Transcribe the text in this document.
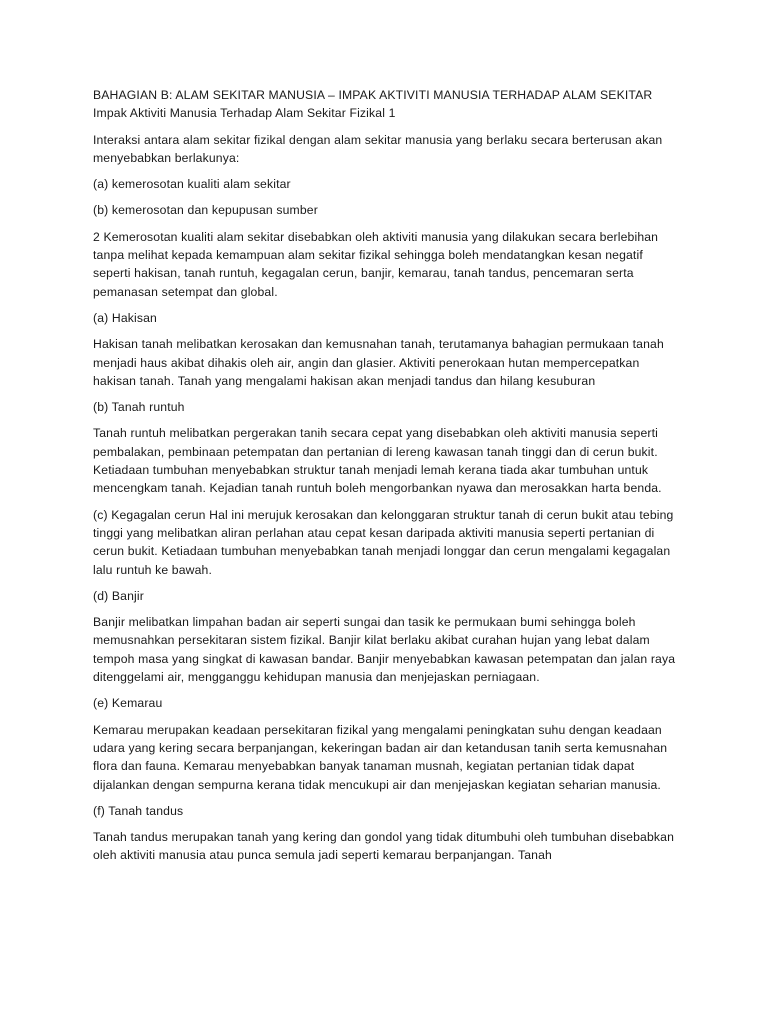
BAHAGIAN B: ALAM SEKITAR MANUSIA – IMPAK AKTIVITI MANUSIA TERHADAP ALAM SEKITAR

Impak Aktiviti Manusia Terhadap Alam Sekitar Fizikal 1

Interaksi antara alam sekitar fizikal dengan alam sekitar manusia yang berlaku secara berterusan akan menyebabkan berlakunya:

(a) kemerosotan kualiti alam sekitar

(b) kemerosotan dan kepupusan sumber

2 Kemerosotan kualiti alam sekitar disebabkan oleh aktiviti manusia yang dilakukan secara berlebihan tanpa melihat kepada kemampuan alam sekitar fizikal sehingga boleh mendatangkan kesan negatif seperti hakisan, tanah runtuh, kegagalan cerun, banjir, kemarau, tanah tandus, pencemaran serta pemanasan setempat dan global.

(a) Hakisan

Hakisan tanah melibatkan kerosakan dan kemusnahan tanah, terutamanya bahagian permukaan tanah menjadi haus akibat dihakis oleh air, angin dan glasier. Aktiviti penerokaan hutan mempercepatkan hakisan tanah. Tanah yang mengalami hakisan akan menjadi tandus dan hilang kesuburan

(b) Tanah runtuh

Tanah runtuh melibatkan pergerakan tanih secara cepat yang disebabkan oleh aktiviti manusia seperti pembalakan, pembinaan petempatan dan pertanian di lereng kawasan tanah tinggi dan di cerun bukit. Ketiadaan tumbuhan menyebabkan struktur tanah menjadi lemah kerana tiada akar tumbuhan untuk mencengkam tanah. Kejadian tanah runtuh boleh mengorbankan nyawa dan merosakkan harta benda.

(c) Kegagalan cerun Hal ini merujuk kerosakan dan kelonggaran struktur tanah di cerun bukit atau tebing tinggi yang melibatkan aliran perlahan atau cepat kesan daripada aktiviti manusia seperti pertanian di cerun bukit. Ketiadaan tumbuhan menyebabkan tanah menjadi longgar dan cerun mengalami kegagalan lalu runtuh ke bawah.

(d) Banjir

Banjir melibatkan limpahan badan air seperti sungai dan tasik ke permukaan bumi sehingga boleh memusnahkan persekitaran sistem fizikal. Banjir kilat berlaku akibat curahan hujan yang lebat dalam tempoh masa yang singkat di kawasan bandar. Banjir menyebabkan kawasan petempatan dan jalan raya ditenggelami air, mengganggu kehidupan manusia dan menjejaskan perniagaan.

(e) Kemarau

Kemarau merupakan keadaan persekitaran fizikal yang mengalami peningkatan suhu dengan keadaan udara yang kering secara berpanjangan, kekeringan badan air dan ketandusan tanih serta kemusnahan flora dan fauna. Kemarau menyebabkan banyak tanaman musnah, kegiatan pertanian tidak dapat dijalankan dengan sempurna kerana tidak mencukupi air dan menjejaskan kegiatan seharian manusia.

(f) Tanah tandus

Tanah tandus merupakan tanah yang kering dan gondol yang tidak ditumbuhi oleh tumbuhan disebabkan oleh aktiviti manusia atau punca semula jadi seperti kemarau berpanjangan. Tanah
